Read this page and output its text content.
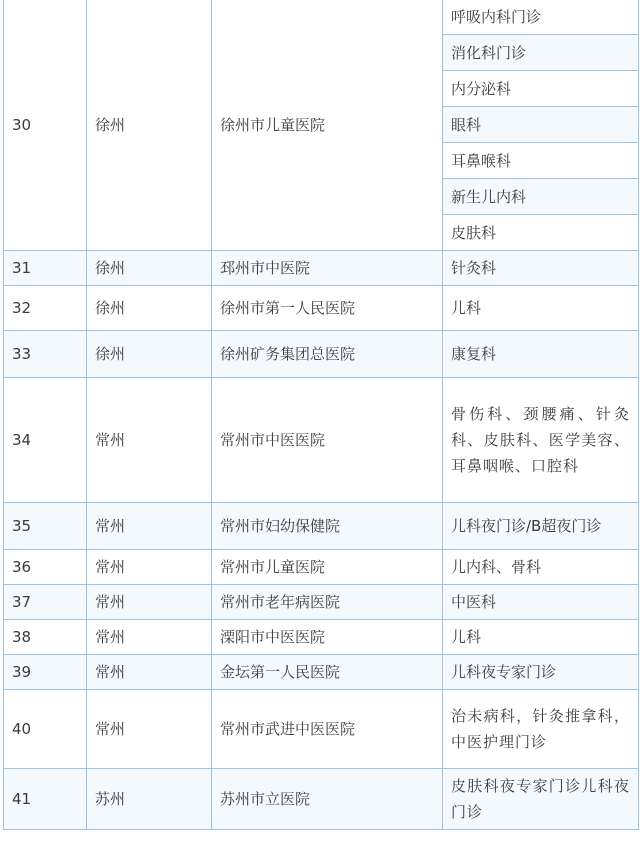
30	徐州	徐州市儿童医院	呼吸内科门诊
			消化科门诊
			内分泌科
			眼科
			耳鼻喉科
			新生儿内科
			皮肤科
31	徐州	邳州市中医院	针灸科
32	徐州	徐州市第一人民医院	儿科
33	徐州	徐州矿务集团总医院	康复科
34	常州	常州市中医医院	骨伤科、颈腰痛、针灸科、皮肤科、医学美容、耳鼻咽喉、口腔科
35	常州	常州市妇幼保健院	儿科夜门诊/B超夜门诊
36	常州	常州市儿童医院	儿内科、骨科
37	常州	常州市老年病医院	中医科
38	常州	溧阳市中医医院	儿科
39	常州	金坛第一人民医院	儿科夜专家门诊
40	常州	常州市武进中医医院	治未病科，针灸推拿科，中医护理门诊
41	苏州	苏州市立医院	皮肤科夜专家门诊儿科夜门诊
